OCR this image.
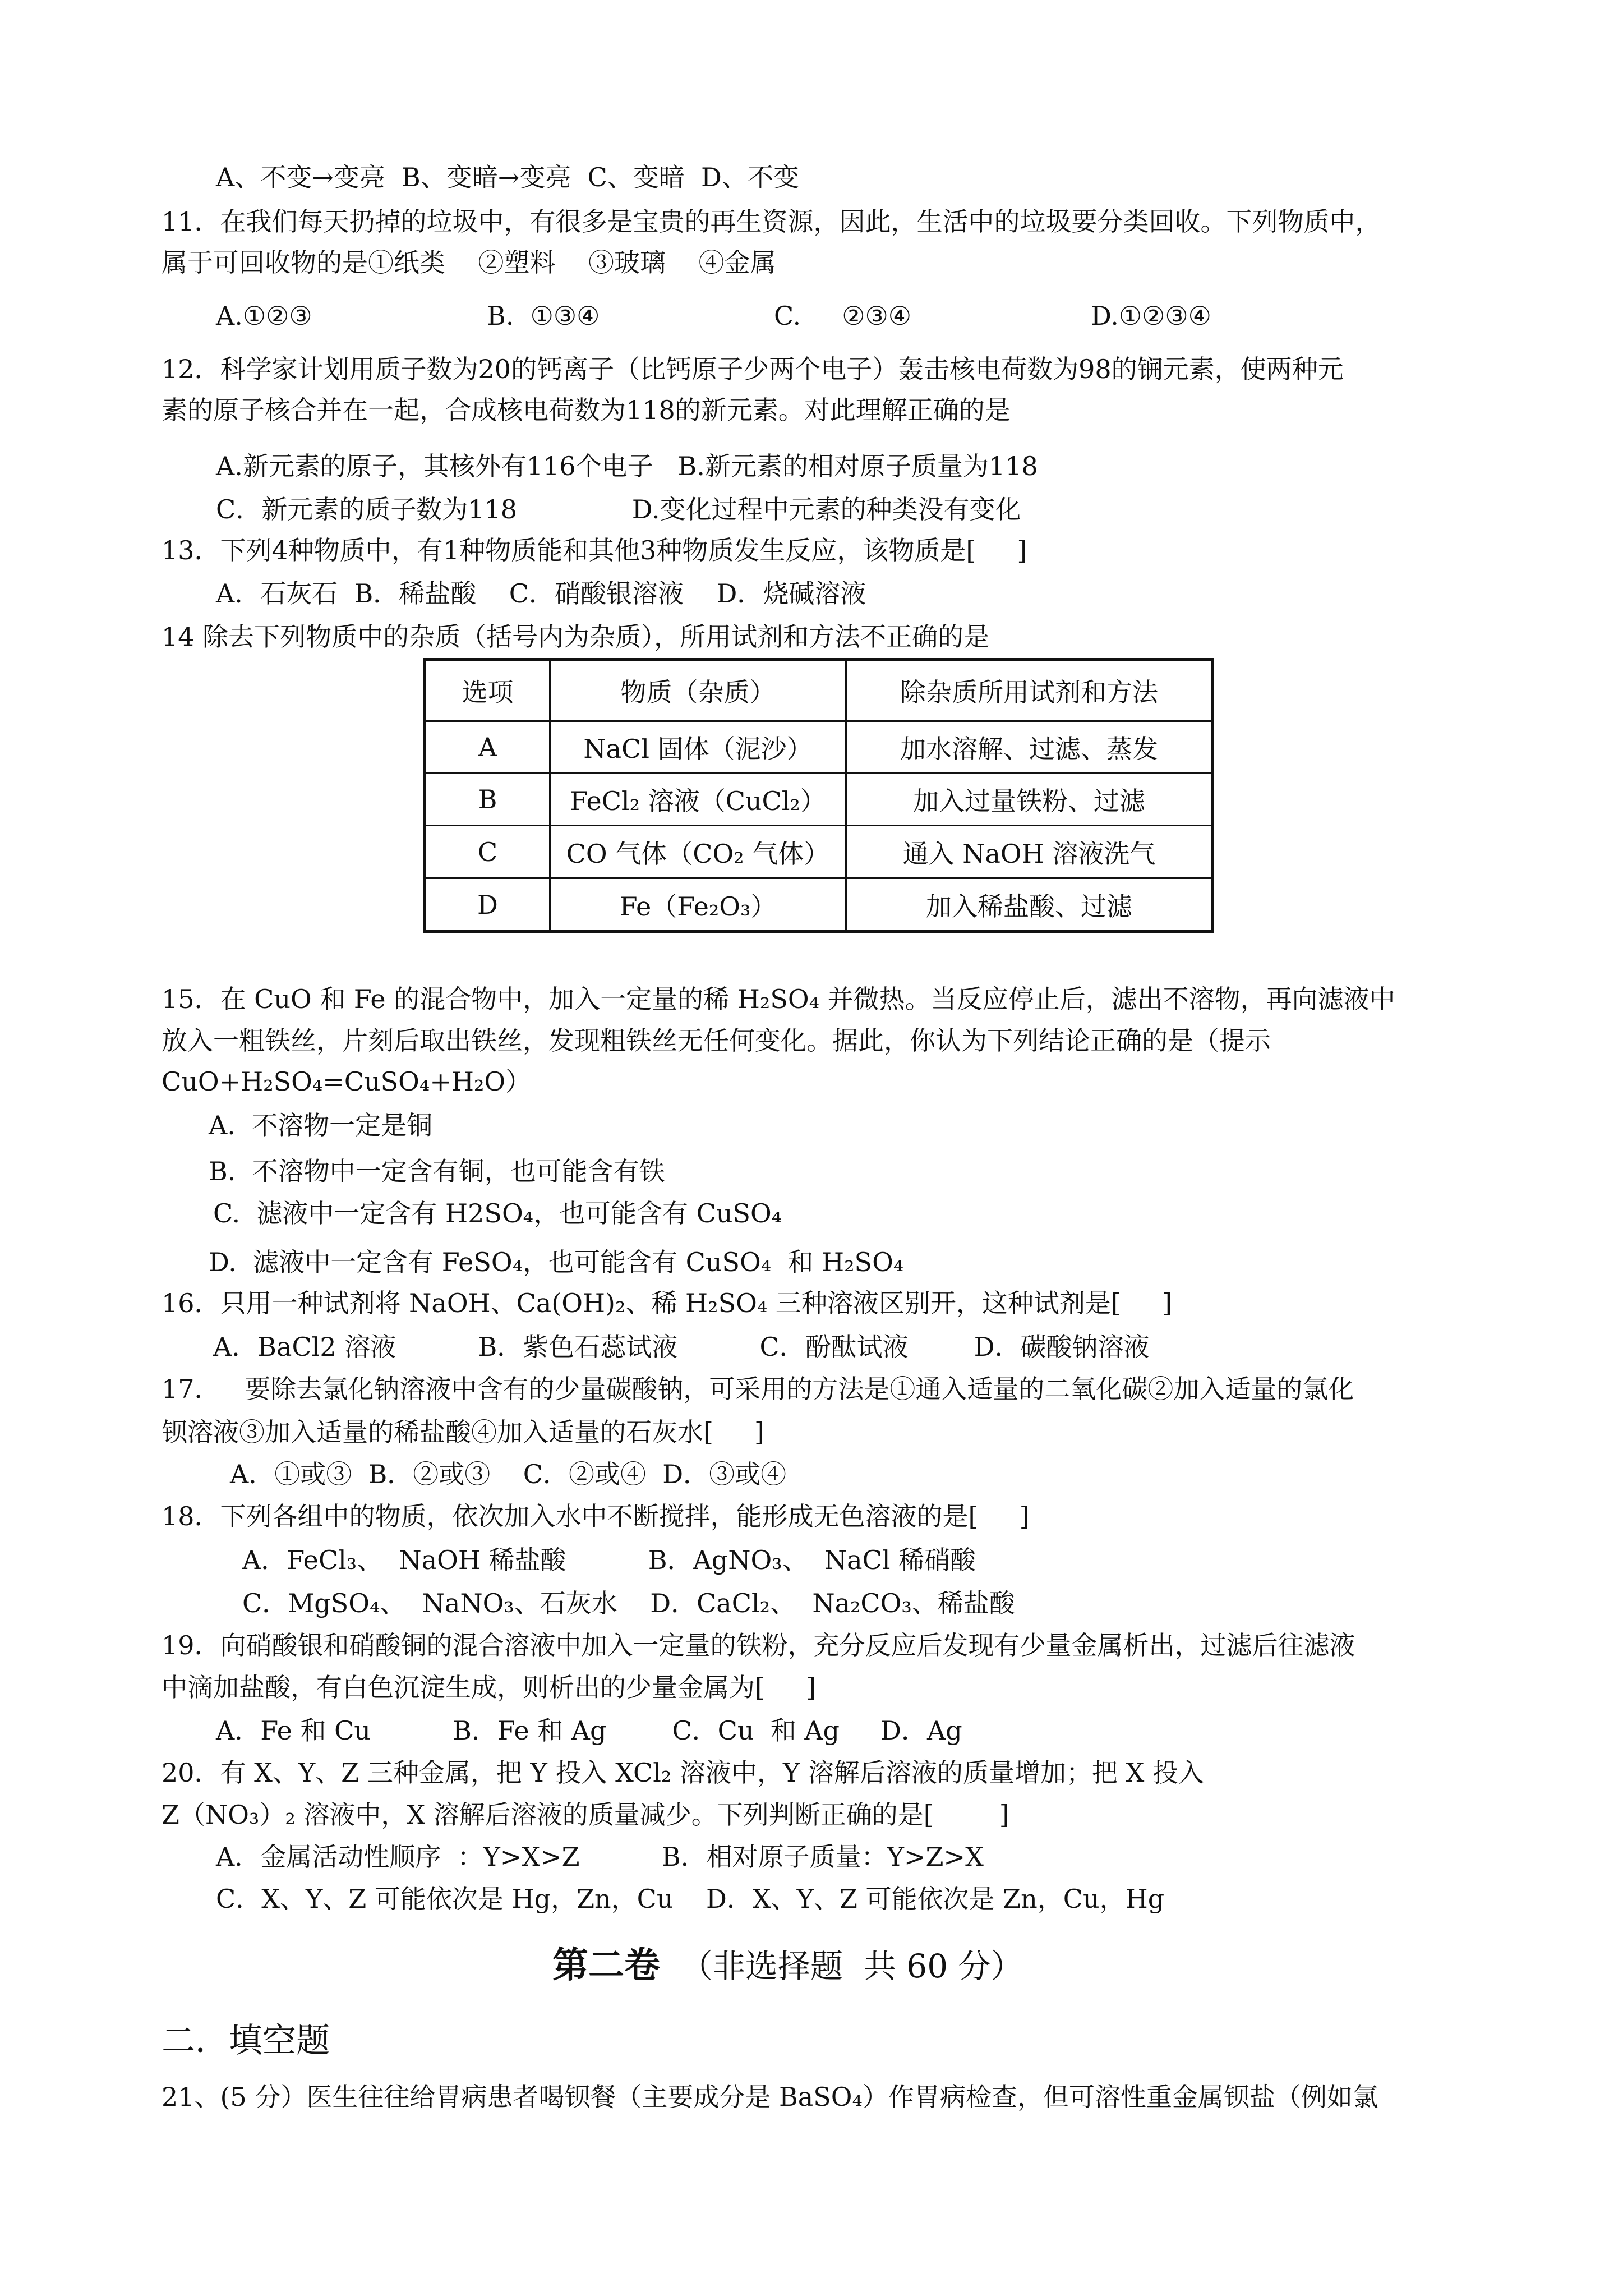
A、不变→变亮  B、变暗→变亮  C、变暗  D、不变
11．在我们每天扔掉的垃圾中，有很多是宝贵的再生资源，因此，生活中的垃圾要分类回收。下列物质中，
属于可回收物的是①纸类    ②塑料    ③玻璃    ④金属
A.①②③	B.  ①③④	C.     ②③④	D.①②③④
12．科学家计划用质子数为20的钙离子（比钙原子少两个电子）轰击核电荷数为98的锎元素，使两种元
素的原子核合并在一起，合成核电荷数为118的新元素。对此理解正确的是
A.新元素的原子，其核外有116个电子   B.新元素的相对原子质量为118
C．新元素的质子数为118              D.变化过程中元素的种类没有变化
13．下列4种物质中，有1种物质能和其他3种物质发生反应，该物质是[     ]
A．石灰石  B．稀盐酸    C．硝酸银溶液    D．烧碱溶液
14 除去下列物质中的杂质（括号内为杂质），所用试剂和方法不正确的是
选项	物质（杂质）	除杂质所用试剂和方法
A	NaCl 固体（泥沙）	加水溶解、过滤、蒸发
B	FeCl₂ 溶液（CuCl₂）	加入过量铁粉、过滤
C	CO 气体（CO₂ 气体）	通入 NaOH 溶液洗气
D	Fe（Fe₂O₃）	加入稀盐酸、过滤
15．在 CuO 和 Fe 的混合物中，加入一定量的稀 H₂SO₄ 并微热。当反应停止后，滤出不溶物，再向滤液中
放入一粗铁丝，片刻后取出铁丝，发现粗铁丝无任何变化。据此，你认为下列结论正确的是（提示
CuO+H₂SO₄=CuSO₄+H₂O）
A.  不溶物一定是铜
B.  不溶物中一定含有铜，也可能含有铁
C.  滤液中一定含有 H2SO₄，也可能含有 CuSO₄
D.  滤液中一定含有 FeSO₄，也可能含有 CuSO₄  和 H₂SO₄
16．只用一种试剂将 NaOH、Ca(OH)₂、稀 H₂SO₄ 三种溶液区别开，这种试剂是[     ]
A．BaCl2 溶液          B．紫色石蕊试液          C．酚酞试液        D．碳酸钠溶液
17．   要除去氯化钠溶液中含有的少量碳酸钠，可采用的方法是①通入适量的二氧化碳②加入适量的氯化
钡溶液③加入适量的稀盐酸④加入适量的石灰水[     ]
A．①或③  B．②或③    C．②或④  D．③或④
18．下列各组中的物质，依次加入水中不断搅拌，能形成无色溶液的是[     ]
A．FeCl₃、  NaOH 稀盐酸          B．AgNO₃、  NaCl 稀硝酸
C．MgSO₄、  NaNO₃、石灰水    D．CaCl₂、  Na₂CO₃、稀盐酸
19．向硝酸银和硝酸铜的混合溶液中加入一定量的铁粉，充分反应后发现有少量金属析出，过滤后往滤液
中滴加盐酸，有白色沉淀生成，则析出的少量金属为[     ]
A．Fe 和 Cu          B．Fe 和 Ag        C．Cu  和 Ag     D．Ag
20．有 X、Y、Z 三种金属，把 Y 投入 XCl₂ 溶液中，Y 溶解后溶液的质量增加；把 X 投入
Z（NO₃）₂ 溶液中，X 溶解后溶液的质量减少。下列判断正确的是[        ]
A．金属活动性顺序  ：Y>X>Z          B．相对原子质量：Y>Z>X
C．X、Y、Z 可能依次是 Hg，Zn，Cu    D．X、Y、Z 可能依次是 Zn，Cu，Hg
第二卷 （非选择题  共 60 分）
二．填空题
21、(5 分）医生往往给胃病患者喝钡餐（主要成分是 BaSO₄）作胃病检查，但可溶性重金属钡盐（例如氯
